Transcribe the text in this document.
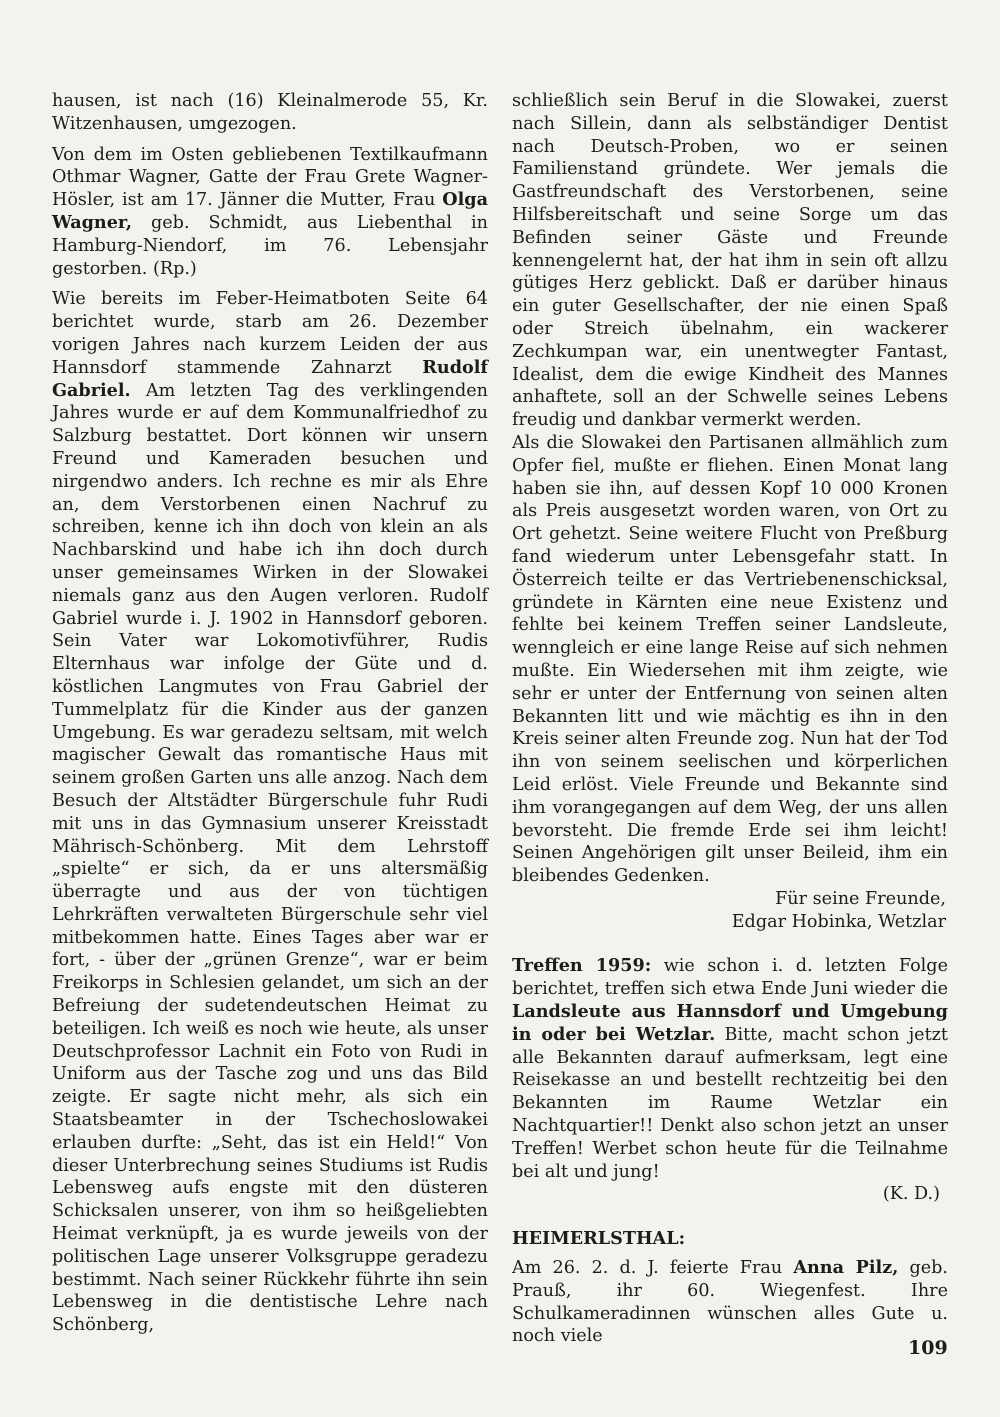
hausen, ist nach (16) Kleinalmerode 55, Kr. Witzenhausen, umgezogen.

Von dem im Osten gebliebenen Textilkaufmann Othmar Wagner, Gatte der Frau Grete Wagner-Hösler, ist am 17. Jänner die Mutter, Frau Olga Wagner, geb. Schmidt, aus Liebenthal in Hamburg-Niendorf, im 76. Lebensjahr gestorben. (Rp.)

Wie bereits im Feber-Heimatboten Seite 64 berichtet wurde, starb am 26. Dezember vorigen Jahres nach kurzem Leiden der aus Hannsdorf stammende Zahnarzt Rudolf Gabriel. Am letzten Tag des verklingenden Jahres wurde er auf dem Kommunalfriedhof zu Salzburg bestattet. Dort können wir unsern Freund und Kameraden besuchen und nirgendwo anders. Ich rechne es mir als Ehre an, dem Verstorbenen einen Nachruf zu schreiben, kenne ich ihn doch von klein an als Nachbarskind und habe ich ihn doch durch unser gemeinsames Wirken in der Slowakei niemals ganz aus den Augen verloren. Rudolf Gabriel wurde i. J. 1902 in Hannsdorf geboren. Sein Vater war Lokomotivführer, Rudis Elternhaus war infolge der Güte und d. köstlichen Langmutes von Frau Gabriel der Tummelplatz für die Kinder aus der ganzen Umgebung. Es war geradezu seltsam, mit welch magischer Gewalt das romantische Haus mit seinem großen Garten uns alle anzog. Nach dem Besuch der Altstädter Bürgerschule fuhr Rudi mit uns in das Gymnasium unserer Kreisstadt Mährisch-Schönberg. Mit dem Lehrstoff „spielte“ er sich, da er uns altersmäßig überragte und aus der von tüchtigen Lehrkräften verwalteten Bürgerschule sehr viel mitbekommen hatte. Eines Tages aber war er fort, - über der „grünen Grenze“, war er beim Freikorps in Schlesien gelandet, um sich an der Befreiung der sudetendeutschen Heimat zu beteiligen. Ich weiß es noch wie heute, als unser Deutschprofessor Lachnit ein Foto von Rudi in Uniform aus der Tasche zog und uns das Bild zeigte. Er sagte nicht mehr, als sich ein Staatsbeamter in der Tschechoslowakei erlauben durfte: „Seht, das ist ein Held!“ Von dieser Unterbrechung seines Studiums ist Rudis Lebensweg aufs engste mit den düsteren Schicksalen unserer, von ihm so heißgeliebten Heimat verknüpft, ja es wurde jeweils von der politischen Lage unserer Volksgruppe geradezu bestimmt. Nach seiner Rückkehr führte ihn sein Lebensweg in die dentistische Lehre nach Schönberg,

schließlich sein Beruf in die Slowakei, zuerst nach Sillein, dann als selbständiger Dentist nach Deutsch-Proben, wo er seinen Familienstand gründete. Wer jemals die Gastfreundschaft des Verstorbenen, seine Hilfsbereitschaft und seine Sorge um das Befinden seiner Gäste und Freunde kennengelernt hat, der hat ihm in sein oft allzu gütiges Herz geblickt. Daß er darüber hinaus ein guter Gesellschafter, der nie einen Spaß oder Streich übelnahm, ein wackerer Zechkumpan war, ein unentwegter Fantast, Idealist, dem die ewige Kindheit des Mannes anhaftete, soll an der Schwelle seines Lebens freudig und dankbar vermerkt werden.

Als die Slowakei den Partisanen allmählich zum Opfer fiel, mußte er fliehen. Einen Monat lang haben sie ihn, auf dessen Kopf 10 000 Kronen als Preis ausgesetzt worden waren, von Ort zu Ort gehetzt. Seine weitere Flucht von Preßburg fand wiederum unter Lebensgefahr statt. In Österreich teilte er das Vertriebenenschicksal, gründete in Kärnten eine neue Existenz und fehlte bei keinem Treffen seiner Landsleute, wenngleich er eine lange Reise auf sich nehmen mußte. Ein Wiedersehen mit ihm zeigte, wie sehr er unter der Entfernung von seinen alten Bekannten litt und wie mächtig es ihn in den Kreis seiner alten Freunde zog. Nun hat der Tod ihn von seinem seelischen und körperlichen Leid erlöst. Viele Freunde und Bekannte sind ihm vorangegangen auf dem Weg, der uns allen bevorsteht. Die fremde Erde sei ihm leicht! Seinen Angehörigen gilt unser Beileid, ihm ein bleibendes Gedenken.

Für seine Freunde,

Edgar Hobinka, Wetzlar

Treffen 1959: wie schon i. d. letzten Folge berichtet, treffen sich etwa Ende Juni wieder die Landsleute aus Hannsdorf und Umgebung in oder bei Wetzlar. Bitte, macht schon jetzt alle Bekannten darauf aufmerksam, legt eine Reisekasse an und bestellt rechtzeitig bei den Bekannten im Raume Wetzlar ein Nachtquartier!! Denkt also schon jetzt an unser Treffen! Werbet schon heute für die Teilnahme bei alt und jung!

(K. D.)

HEIMERLSTHAL:

Am 26. 2. d. J. feierte Frau Anna Pilz, geb. Prauß, ihr 60. Wiegenfest. Ihre Schulkameradinnen wünschen alles Gute u. noch viele

109
